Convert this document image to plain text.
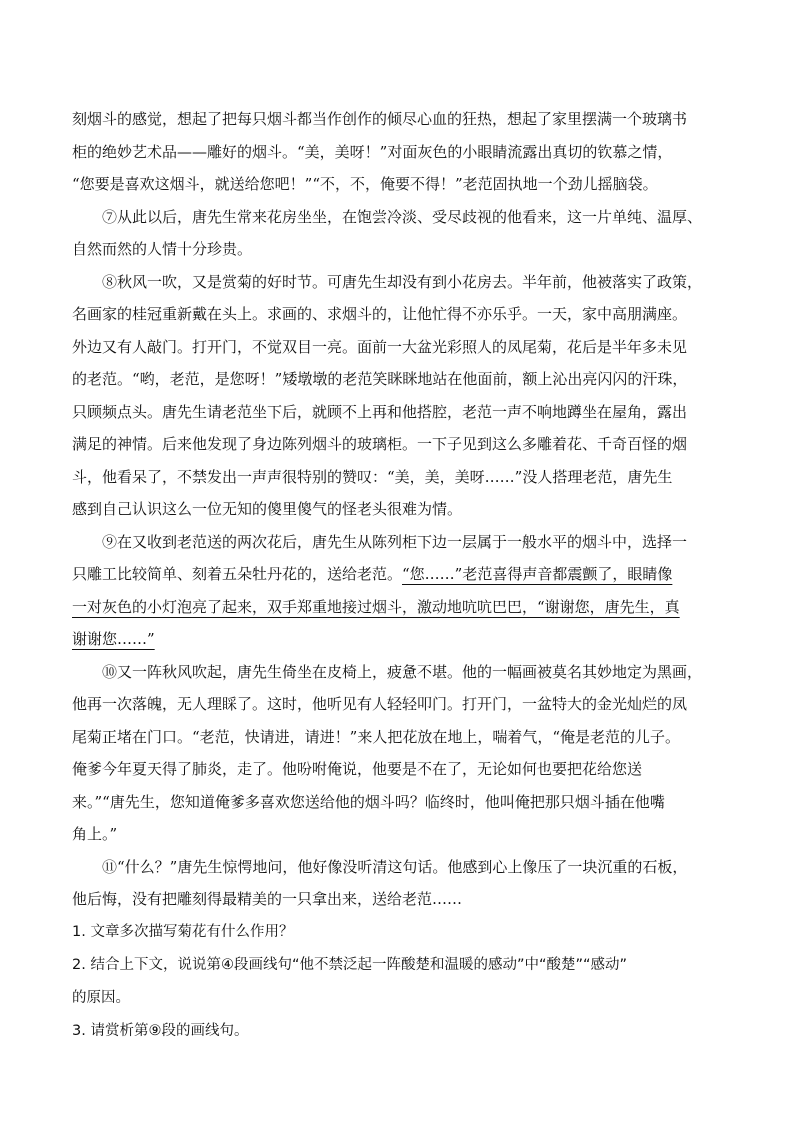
刻烟斗的感觉，想起了把每只烟斗都当作创作的倾尽心血的狂热，想起了家里摆满一个玻璃书
柜的绝妙艺术品——雕好的烟斗。“美，美呀！”对面灰色的小眼睛流露出真切的钦慕之情，
“您要是喜欢这烟斗，就送给您吧！”“不，不，俺要不得！”老范固执地一个劲儿摇脑袋。
⑦从此以后，唐先生常来花房坐坐，在饱尝冷淡、受尽歧视的他看来，这一片单纯、温厚、
自然而然的人情十分珍贵。
⑧秋风一吹，又是赏菊的好时节。可唐先生却没有到小花房去。半年前，他被落实了政策，
名画家的桂冠重新戴在头上。求画的、求烟斗的，让他忙得不亦乐乎。一天，家中高朋满座。
外边又有人敲门。打开门，不觉双目一亮。面前一大盆光彩照人的凤尾菊，花后是半年多未见
的老范。“哟，老范，是您呀！”矮墩墩的老范笑眯眯地站在他面前，额上沁出亮闪闪的汗珠，
只顾频点头。唐先生请老范坐下后，就顾不上再和他搭腔，老范一声不响地蹲坐在屋角，露出
满足的神情。后来他发现了身边陈列烟斗的玻璃柜。一下子见到这么多雕着花、千奇百怪的烟
斗，他看呆了，不禁发出一声声很特别的赞叹：“美，美，美呀……”没人搭理老范，唐先生
感到自己认识这么一位无知的傻里傻气的怪老头很难为情。
⑨在又收到老范送的两次花后，唐先生从陈列柜下边一层属于一般水平的烟斗中，选择一
只雕工比较简单、刻着五朵牡丹花的，送给老范。“您……”老范喜得声音都震颤了，眼睛像
一对灰色的小灯泡亮了起来，双手郑重地接过烟斗，激动地吭吭巴巴，“谢谢您，唐先生，真
谢谢您……”
⑩又一阵秋风吹起，唐先生倚坐在皮椅上，疲惫不堪。他的一幅画被莫名其妙地定为黑画，
他再一次落魄，无人理睬了。这时，他听见有人轻轻叩门。打开门，一盆特大的金光灿烂的凤
尾菊正堵在门口。“老范，快请进，请进！”来人把花放在地上，喘着气，“俺是老范的儿子。
俺爹今年夏天得了肺炎，走了。他吩咐俺说，他要是不在了，无论如何也要把花给您送
来。”“唐先生，您知道俺爹多喜欢您送给他的烟斗吗？临终时，他叫俺把那只烟斗插在他嘴
角上。”
⑪“什么？”唐先生惊愕地问，他好像没听清这句话。他感到心上像压了一块沉重的石板，
他后悔，没有把雕刻得最精美的一只拿出来，送给老范……
1. 文章多次描写菊花有什么作用？
2. 结合上下文，说说第④段画线句“他不禁泛起一阵酸楚和温暖的感动”中“酸楚”“感动”
的原因。
3. 请赏析第⑨段的画线句。
